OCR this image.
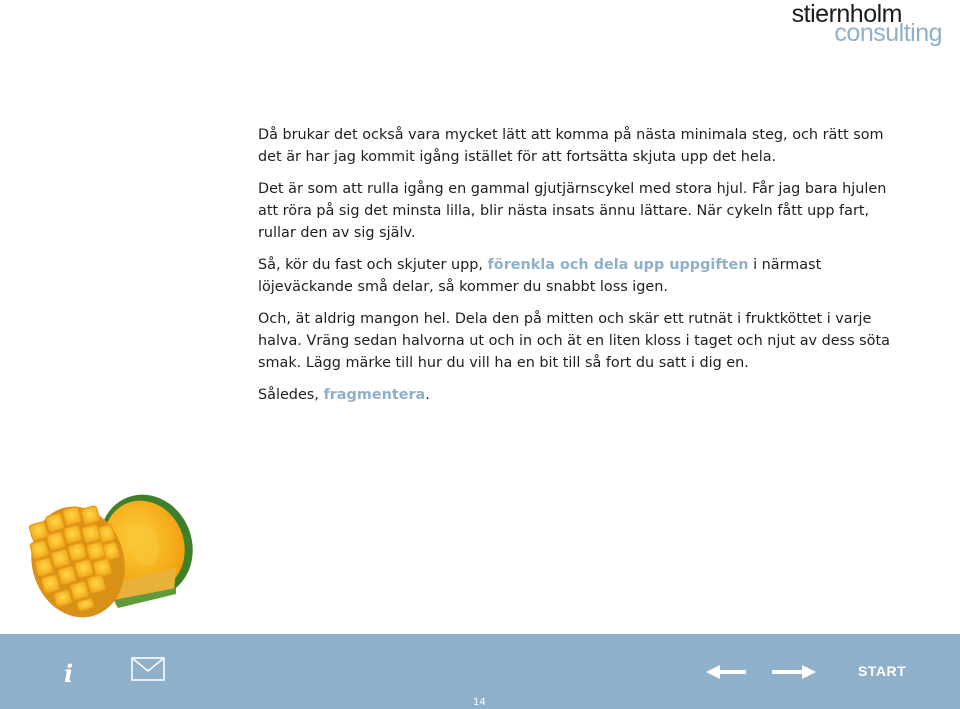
stiernholm
consulting

Då brukar det också vara mycket lätt att komma på nästa minimala steg, och rätt som det är har jag kommit igång istället för att fortsätta skjuta upp det hela.

Det är som att rulla igång en gammal gjutjärnscykel med stora hjul. Får jag bara hjulen att röra på sig det minsta lilla, blir nästa insats ännu lättare. När cykeln fått upp fart, rullar den av sig själv.

Så, kör du fast och skjuter upp, förenkla och dela upp uppgiften i närmast löjeväckande små delar, så kommer du snabbt loss igen.

Och, ät aldrig mangon hel. Dela den på mitten och skär ett rutnät i fruktköttet i varje halva. Vräng sedan halvorna ut och in och ät en liten kloss i taget och njut av dess söta smak. Lägg märke till hur du vill ha en bit till så fort du satt i dig en.

Således, fragmentera.

i
14
START
